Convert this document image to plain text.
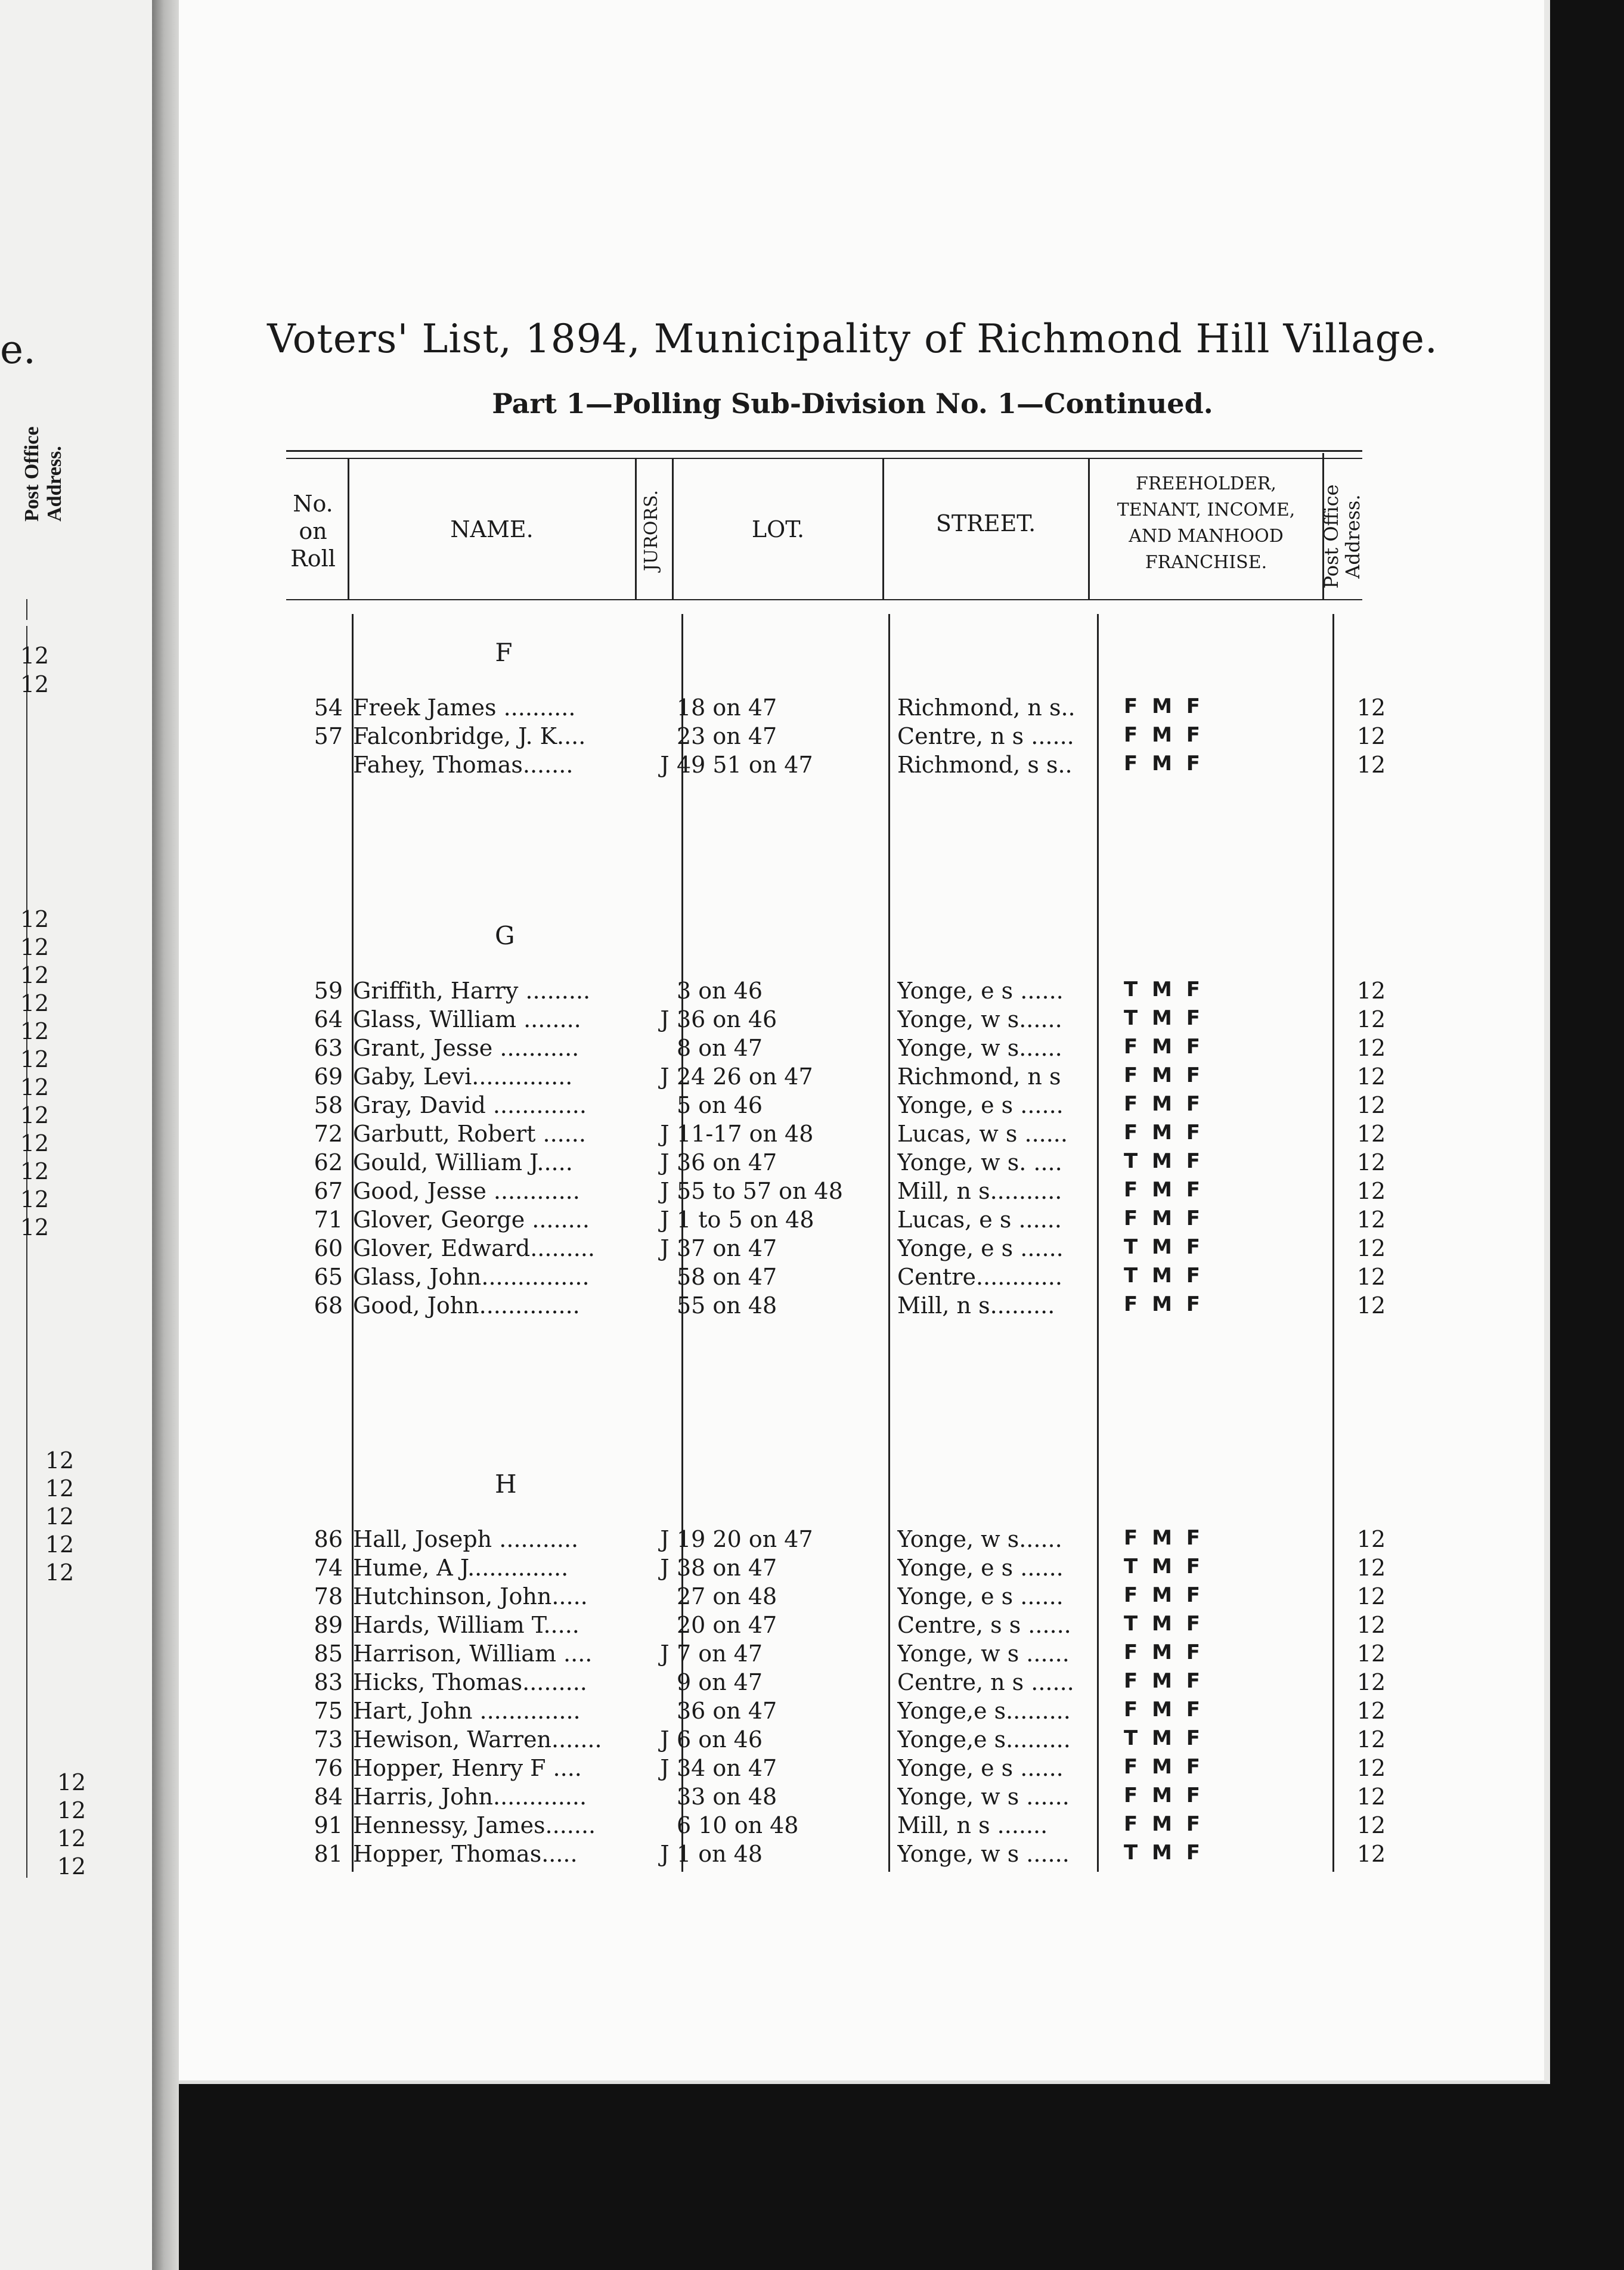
e.
Post Office Address.
12
12
12
12
12
12
12
12
12
12
12
12
12
12
12
12
12
12
12
12
12
12
12
Voters' List, 1894, Municipality of Richmond Hill Village.
Part 1—Polling Sub-Division No. 1—Continued.
No.
on
Roll
NAME.	JURORS.	LOT.	STREET.
FREEHOLDER,
TENANT, INCOME,
AND MANHOOD
FRANCHISE.	Post Office Address.
F
54 Freek James ..........	18 on 47	Richmond, n s..	F M F	12
57 Falconbridge, J. K....	23 on 47	Centre, n s ......	F M F	12
Fahey, Thomas.......	J 49 51 on 47	Richmond, s s..	F M F	12
G
59 Griffith, Harry .........	3 on 46	Yonge, e s ......	T M F	12
64 Glass, William ........	J 36 on 46	Yonge, w s......	T M F	12
63 Grant, Jesse ...........	8 on 47	Yonge, w s......	F M F	12
69 Gaby, Levi..............	J 24 26 on 47	Richmond, n s	F M F	12
58 Gray, David .............	5 on 46	Yonge, e s ......	F M F	12
72 Garbutt, Robert ......	J 11-17 on 48	Lucas, w s ......	F M F	12
62 Gould, William J.....	J 36 on 47	Yonge, w s. ....	T M F	12
67 Good, Jesse ............	J 55 to 57 on 48	Mill, n s..........	F M F	12
71 Glover, George ........	J 1 to 5 on 48	Lucas, e s ......	F M F	12
60 Glover, Edward.........	J 37 on 47	Yonge, e s ......	T M F	12
65 Glass, John...............	58 on 47	Centre............	T M F	12
68 Good, John..............	55 on 48	Mill, n s.........	F M F	12
H
86 Hall, Joseph ...........	J 19 20 on 47	Yonge, w s......	F M F	12
74 Hume, A J..............	J 38 on 47	Yonge, e s ......	T M F	12
78 Hutchinson, John.....	27 on 48	Yonge, e s ......	F M F	12
89 Hards, William T.....	20 on 47	Centre, s s ......	T M F	12
85 Harrison, William ....	J 7 on 47	Yonge, w s ......	F M F	12
83 Hicks, Thomas.........	9 on 47	Centre, n s ......	F M F	12
75 Hart, John ..............	36 on 47	Yonge,e s.........	F M F	12
73 Hewison, Warren.......	J 6 on 46	Yonge,e s.........	T M F	12
76 Hopper, Henry F ....	J 34 on 47	Yonge, e s ......	F M F	12
84 Harris, John.............	33 on 48	Yonge, w s ......	F M F	12
91 Hennessy, James.......	6 10 on 48	Mill, n s .......	F M F	12
81 Hopper, Thomas.....	J 1 on 48	Yonge, w s ......	T M F	12
